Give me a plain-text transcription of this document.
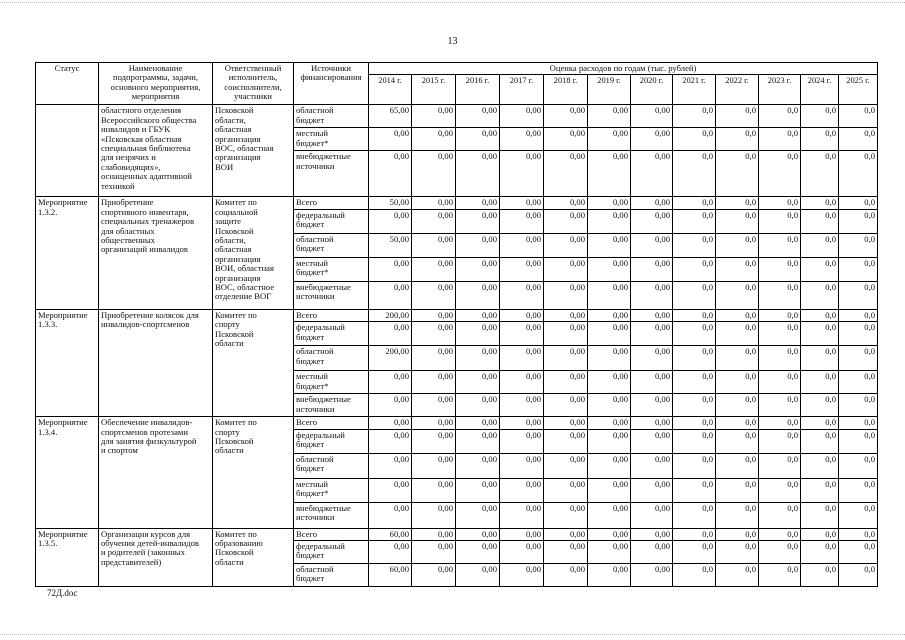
13
Статус	Наименование подпрограммы, задачи, основного мероприятия, мероприятия	Ответственный исполнитель, соисполнители, участники	Источники финансирования	Оценка расходов по годам (тыс. рублей)											
				2014 г.	2015 г.	2016 г.	2017 г.	2018 г.	2019 г.	2020 г.	2021 г.	2022 г.	2023 г.	2024 г.	2025 г.

	областного отделения Всероссийского общества инвалидов и ГБУК «Псковская областная специальная библиотека для незрячих и слабовидящих», оснащенных адаптивной техникой	Псковской области, областная организация ВОС, областная организация ВОИ	областной бюджет	65,00	0,00	0,00	0,00	0,00	0,00	0,00	0,0	0,0	0,0	0,0	0,0

			местный бюджет*	0,00	0,00	0,00	0,00	0,00	0,00	0,00	0,0	0,0	0,0	0,0	0,0

			внебюджетные источники	0,00	0,00	0,00	0,00	0,00	0,00	0,00	0,0	0,0	0,0	0,0	0,0

Мероприятие 1.3.2.	Приобретение спортивного инвентаря, специальных тренажеров для областных общественных организаций инвалидов	Комитет по социальной защите Псковской области, областная организация ВОИ, областная организация ВОС, областное отделение ВОГ	Всего	50,00	0,00	0,00	0,00	0,00	0,00	0,00	0,0	0,0	0,0	0,0	0,0

			федеральный бюджет	0,00	0,00	0,00	0,00	0,00	0,00	0,00	0,0	0,0	0,0	0,0	0,0

			областной бюджет	50,00	0,00	0,00	0,00	0,00	0,00	0,00	0,0	0,0	0,0	0,0	0,0

			местный бюджет*	0,00	0,00	0,00	0,00	0,00	0,00	0,00	0,0	0,0	0,0	0,0	0,0

			внебюджетные источники	0,00	0,00	0,00	0,00	0,00	0,00	0,00	0,0	0,0	0,0	0,0	0,0

Мероприятие 1.3.3.	Приобретение колясок для инвалидов-спортсменов	Комитет по спорту Псковской области	Всего	200,00	0,00	0,00	0,00	0,00	0,00	0,00	0,0	0,0	0,0	0,0	0,0

			федеральный бюджет	0,00	0,00	0,00	0,00	0,00	0,00	0,00	0,0	0,0	0,0	0,0	0,0

			областной бюджет	200,00	0,00	0,00	0,00	0,00	0,00	0,00	0,0	0,0	0,0	0,0	0,0

			местный бюджет*	0,00	0,00	0,00	0,00	0,00	0,00	0,00	0,0	0,0	0,0	0,0	0,0

			внебюджетные источники	0,00	0,00	0,00	0,00	0,00	0,00	0,00	0,0	0,0	0,0	0,0	0,0

Мероприятие 1.3.4.	Обеспечение инвалидов-спортсменов протезами для занятия физкультурой и спортом	Комитет по спорту Псковской области	Всего	0,00	0,00	0,00	0,00	0,00	0,00	0,00	0,0	0,0	0,0	0,0	0,0

			федеральный бюджет	0,00	0,00	0,00	0,00	0,00	0,00	0,00	0,0	0,0	0,0	0,0	0,0

			областной бюджет	0,00	0,00	0,00	0,00	0,00	0,00	0,00	0,0	0,0	0,0	0,0	0,0

			местный бюджет*	0,00	0,00	0,00	0,00	0,00	0,00	0,00	0,0	0,0	0,0	0,0	0,0

			внебюджетные источники	0,00	0,00	0,00	0,00	0,00	0,00	0,00	0,0	0,0	0,0	0,0	0,0

Мероприятие 1.3.5.	Организация курсов для обучения детей-инвалидов и родителей (законных представителей)	Комитет по образованию Псковской области	Всего	60,00	0,00	0,00	0,00	0,00	0,00	0,00	0,0	0,0	0,0	0,0	0,0

			федеральный бюджет	0,00	0,00	0,00	0,00	0,00	0,00	0,00	0,0	0,0	0,0	0,0	0,0

			областной бюджет	60,00	0,00	0,00	0,00	0,00	0,00	0,00	0,0	0,0	0,0	0,0	0,0
72Д.doc
